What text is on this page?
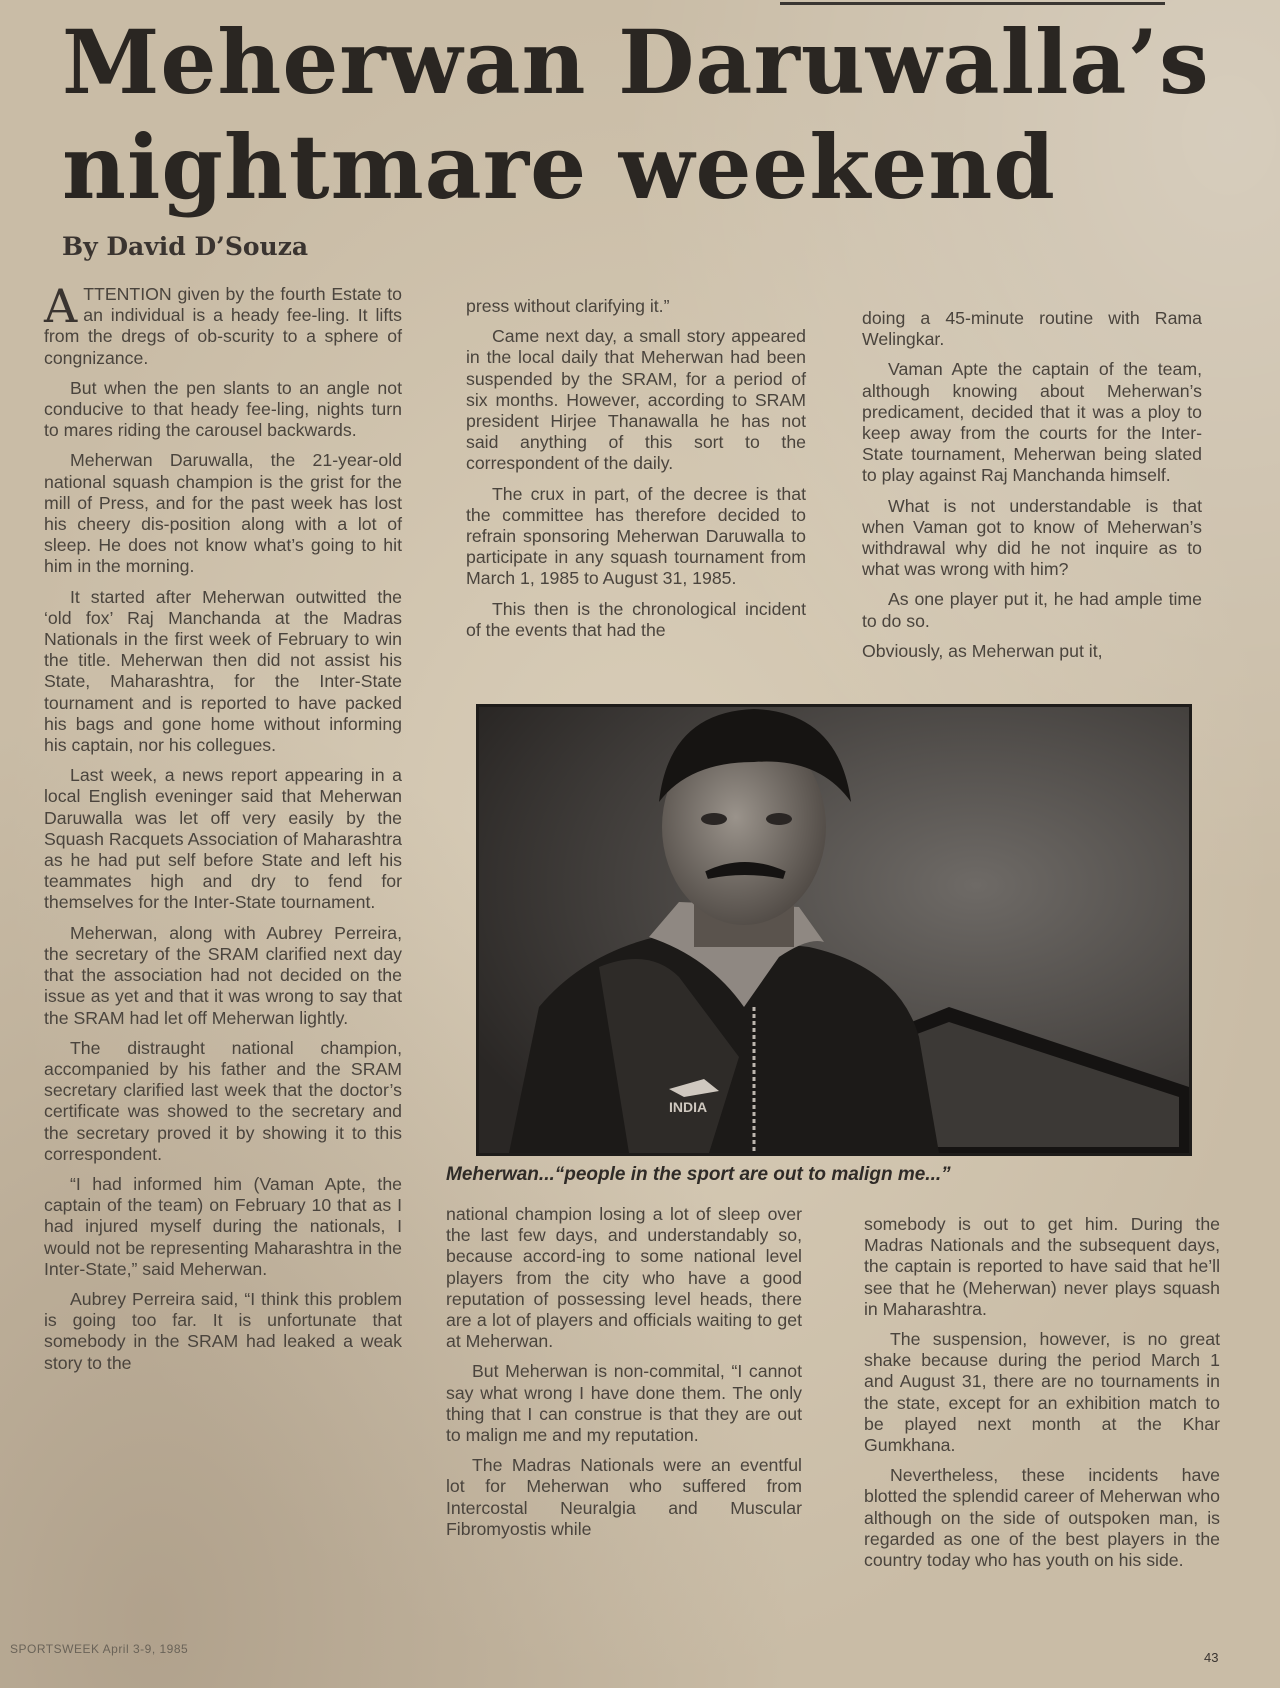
Meherwan Daruwalla’s
nightmare weekend
By David D’Souza

ATTENTION given by the fourth Estate to an individual is a heady fee-ling. It lifts from the dregs of ob-scurity to a sphere of congnizance.

But when the pen slants to an angle not conducive to that heady fee-ling, nights turn to mares riding the carousel backwards.

Meherwan Daruwalla, the 21-year-old national squash champion is the grist for the mill of Press, and for the past week has lost his cheery dis-position along with a lot of sleep. He does not know what’s going to hit him in the morning.

It started after Meherwan outwitted the ‘old fox’ Raj Manchanda at the Madras Nationals in the first week of February to win the title. Meherwan then did not assist his State, Maharashtra, for the Inter-State tournament and is reported to have packed his bags and gone home without informing his captain, nor his collegues.

Last week, a news report appearing in a local English eveninger said that Meherwan Daruwalla was let off very easily by the Squash Racquets Association of Maharashtra as he had put self before State and left his teammates high and dry to fend for themselves for the Inter-State tournament.

Meherwan, along with Aubrey Perreira, the secretary of the SRAM clarified next day that the association had not decided on the issue as yet and that it was wrong to say that the SRAM had let off Meherwan lightly.

The distraught national champion, accompanied by his father and the SRAM secretary clarified last week that the doctor’s certificate was showed to the secretary and the secretary proved it by showing it to this correspondent.

“I had informed him (Vaman Apte, the captain of the team) on February 10 that as I had injured myself during the nationals, I would not be representing Maharashtra in the Inter-State,” said Meherwan.

Aubrey Perreira said, “I think this problem is going too far. It is unfortunate that somebody in the SRAM had leaked a weak story to the

press without clarifying it.”

Came next day, a small story appeared in the local daily that Meherwan had been suspended by the SRAM, for a period of six months. However, according to SRAM president Hirjee Thanawalla he has not said anything of this sort to the correspondent of the daily.

The crux in part, of the decree is that the committee has therefore decided to refrain sponsoring Meherwan Daruwalla to participate in any squash tournament from March 1, 1985 to August 31, 1985.

This then is the chronological incident of the events that had the

doing a 45-minute routine with Rama Welingkar.

Vaman Apte the captain of the team, although knowing about Meherwan’s predicament, decided that it was a ploy to keep away from the courts for the Inter-State tournament, Meherwan being slated to play against Raj Manchanda himself.

What is not understandable is that when Vaman got to know of Meherwan’s withdrawal why did he not inquire as to what was wrong with him?

As one player put it, he had ample time to do so.

Obviously, as Meherwan put it,

INDIA
Meherwan...“people in the sport are out to malign me...”

national champion losing a lot of sleep over the last few days, and understandably so, because accord-ing to some national level players from the city who have a good reputation of possessing level heads, there are a lot of players and officials waiting to get at Meherwan.

But Meherwan is non-commital, “I cannot say what wrong I have done them. The only thing that I can construe is that they are out to malign me and my reputation.

The Madras Nationals were an eventful lot for Meherwan who suffered from Intercostal Neuralgia and Muscular Fibromyostis while

somebody is out to get him. During the Madras Nationals and the subsequent days, the captain is reported to have said that he’ll see that he (Meherwan) never plays squash in Maharashtra.

The suspension, however, is no great shake because during the period March 1 and August 31, there are no tournaments in the state, except for an exhibition match to be played next month at the Khar Gumkhana.

Nevertheless, these incidents have blotted the splendid career of Meherwan who although on the side of outspoken man, is regarded as one of the best players in the country today who has youth on his side.

SPORTSWEEK April 3-9, 1985
43
